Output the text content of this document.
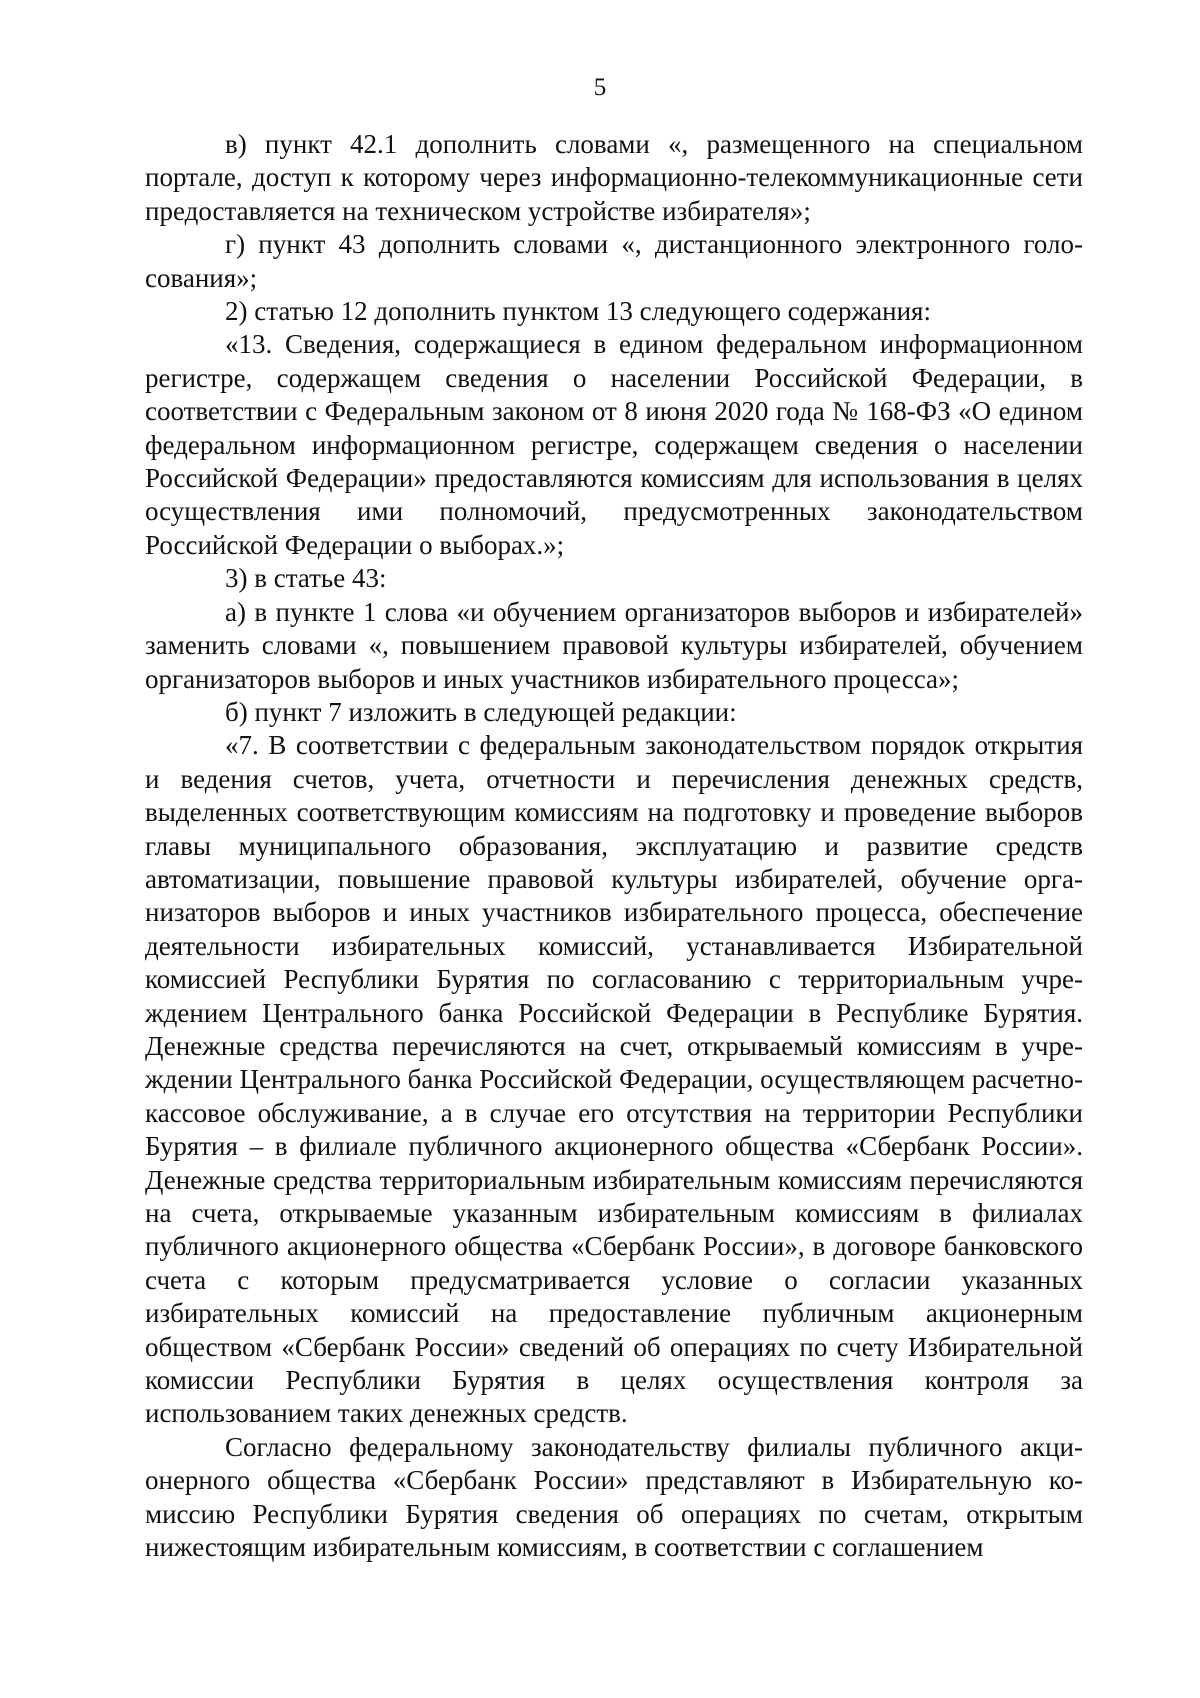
5

в) пункт 42.1 дополнить словами «, размещенного на специальном портале, доступ к которому через информационно-телекоммуникационные сети предоставляется на техническом устройстве избирателя»;

г) пункт 43 дополнить словами «, дистанционного электронного голосования»;

2) статью 12 дополнить пунктом 13 следующего содержания:

«13. Сведения, содержащиеся в едином федеральном информационном регистре, содержащем сведения о населении Российской Федерации, в соответствии с Федеральным законом от 8 июня 2020 года № 168-ФЗ «О едином федеральном информационном регистре, содержащем сведения о населении Российской Федерации» предоставляются комиссиям для использования в целях осуществления ими полномочий, предусмотренных законодательством Российской Федерации о выборах.»;

3) в статье 43:

а) в пункте 1 слова «и обучением организаторов выборов и избирателей» заменить словами «, повышением правовой культуры избирателей, обучением организаторов выборов и иных участников избирательного процесса»;

б) пункт 7 изложить в следующей редакции:

«7. В соответствии с федеральным законодательством порядок открытия и ведения счетов, учета, отчетности и перечисления денежных средств, выделенных соответствующим комиссиям на подготовку и проведение выборов главы муниципального образования, эксплуатацию и развитие средств автоматизации, повышение правовой культуры избирателей, обучение организаторов выборов и иных участников избирательного процесса, обеспечение деятельности избирательных комиссий, устанавливается Избирательной комиссией Республики Бурятия по согласованию с территориальным учреждением Центрального банка Российской Федерации в Республике Бурятия. Денежные средства перечисляются на счет, открываемый комиссиям в учреждении Центрального банка Российской Федерации, осуществляющем расчетно-кассовое обслуживание, а в случае его отсутствия на территории Республики Бурятия – в филиале публичного акционерного общества «Сбербанк России». Денежные средства территориальным избирательным комиссиям перечисляются на счета, открываемые указанным избирательным комиссиям в филиалах публичного акционерного общества «Сбербанк России», в договоре банковского счета с которым предусматривается условие о согласии указанных избирательных комиссий на предоставление публичным акционерным обществом «Сбербанк России» сведений об операциях по счету Избирательной комиссии Республики Бурятия в целях осуществления контроля за использованием таких денежных средств.

Согласно федеральному законодательству филиалы публичного акционерного общества «Сбербанк России» представляют в Избирательную комиссию Республики Бурятия сведения об операциях по счетам, открытым нижестоящим избирательным комиссиям, в соответствии с соглашением
